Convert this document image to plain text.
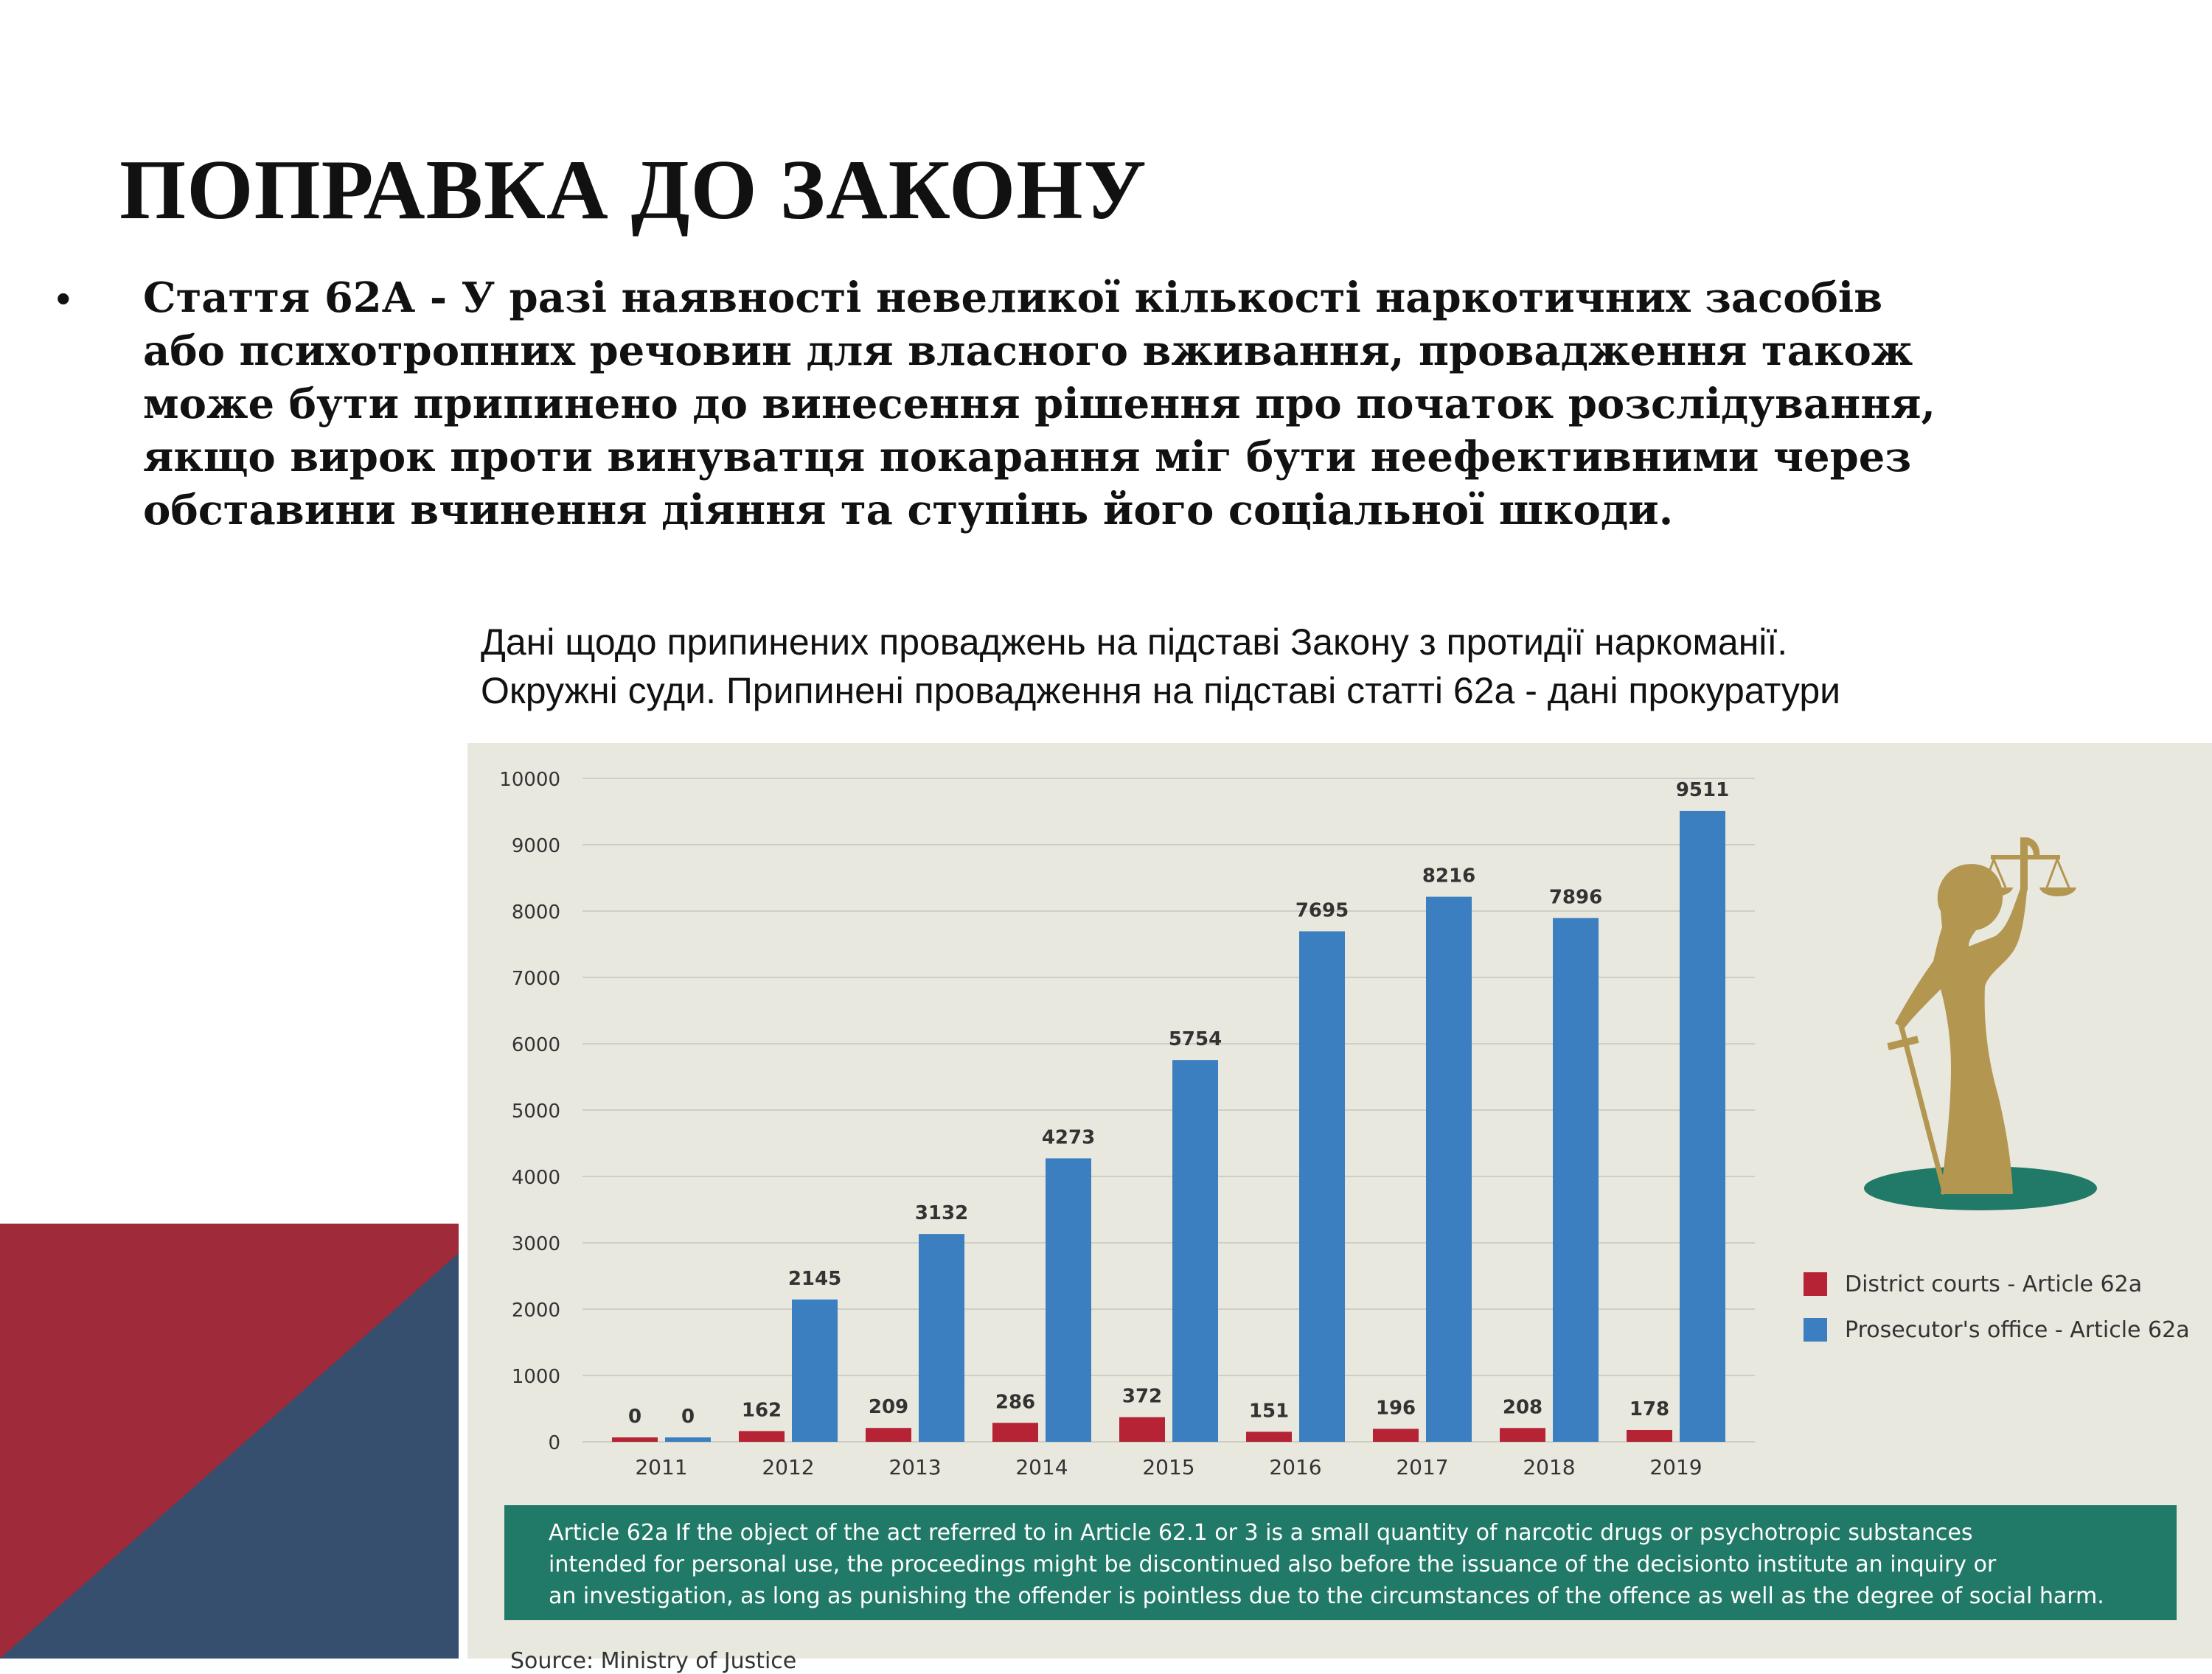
ПОПРАВКА ДО ЗАКОНУ
• Стаття 62А - У разі наявності невеликої кількості наркотичних засобів
або психотропних речовин для власного вживання, провадження також
може бути припинено до винесення рішення про початок розслідування,
якщо вирок проти винуватця покарання міг бути неефективними через
обставини вчинення діяння та ступінь його соціальної шкоди.

Дані щодо припинених проваджень на підставі Закону з протидії наркоманії.
Окружні суди. Припинені провадження на підставі статті 62а - дані прокуратури

0 0 162
2145
209
3132
286
4273
372
5754
151
7695
196
8216
208
7896
178
9511
0
1000
2000
3000
4000
5000
6000
7000
8000
9000
10000
2011	2012	2013	2014	2015	2016	2017	2018	2019
District courts - Article 62a
Prosecutor's office - Article 62a

Article 62a If the object of the act referred to in Article 62.1 or 3 is a small quantity of narcotic drugs or psychotropic substances
intended for personal use, the proceedings might be discontinued also before the issuance of the decisionto institute an inquiry or
an investigation, as long as punishing the offender is pointless due to the circumstances of the offence as well as the degree of social harm.

Source: Ministry of Justice
